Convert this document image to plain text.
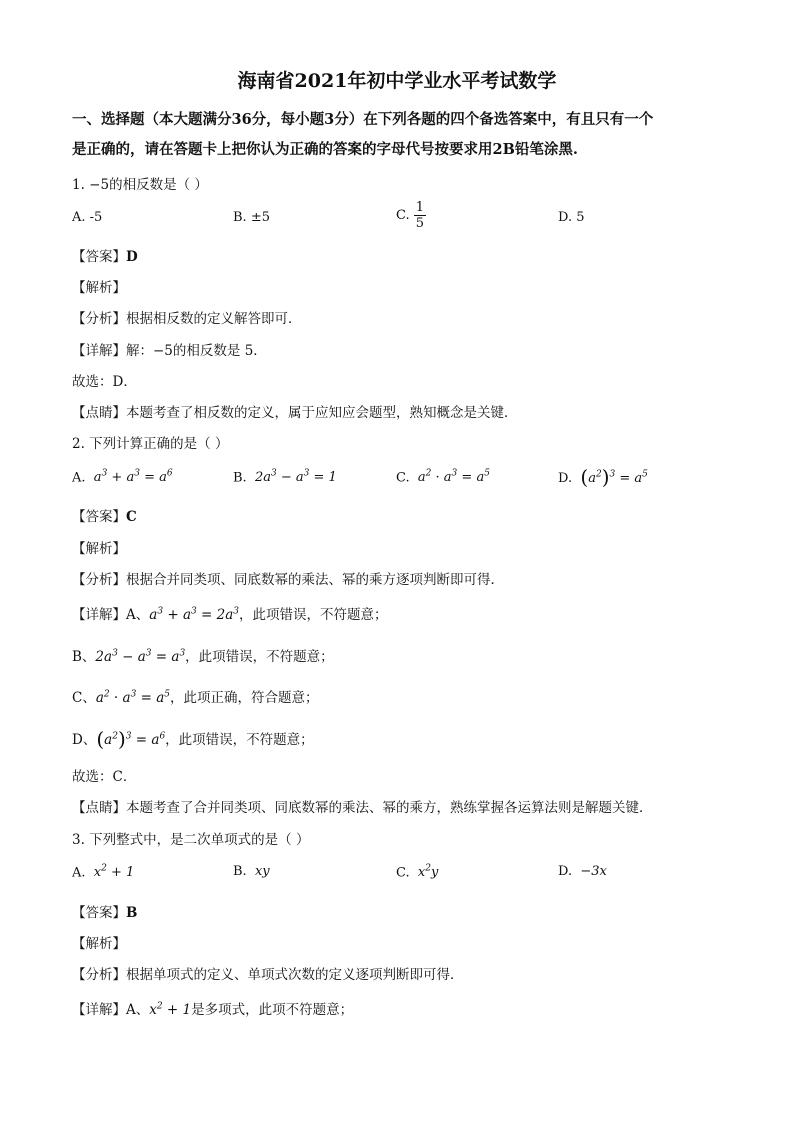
海南省2021年初中学业水平考试数学
一、选择题（本大题满分36分，每小题3分）在下列各题的四个备选答案中，有且只有一个
是正确的，请在答题卡上把你认为正确的答案的字母代号按要求用2B铅笔涂黑.
1. −5的相反数是（ ）
A. -5	B. ±5	C. $\frac{1}{5}$	D. 5
【答案】D
【解析】
【分析】根据相反数的定义解答即可．
【详解】解：−5的相反数是 5．
故选：D．
【点睛】本题考查了相反数的定义，属于应知应会题型，熟知概念是关键．
2. 下列计算正确的是（ ）
A.  $a^3 + a^3 = a^6$	B.  $2a^3 - a^3 = 1$	C.  $a^2 \cdot a^3 = a^5$	D. $(a^2)^3 = a^5$
【答案】C
【解析】
【分析】根据合并同类项、同底数幂的乘法、幂的乘方逐项判断即可得．
【详解】A、$a^3 + a^3 = 2a^3$，此项错误，不符题意；
B、$2a^3 - a^3 = a^3$，此项错误，不符题意；
C、$a^2 \cdot a^3 = a^5$，此项正确，符合题意；
D、$(a^2)^3 = a^6$，此项错误，不符题意；
故选：C．
【点睛】本题考查了合并同类项、同底数幂的乘法、幂的乘方，熟练掌握各运算法则是解题关键．
3. 下列整式中，是二次单项式的是（ ）
A.  $x^2 + 1$	B.  xy	C.  $x^2y$	D.  −3x
【答案】B
【解析】
【分析】根据单项式的定义、单项式次数的定义逐项判断即可得．
【详解】A、$x^2 + 1$是多项式，此项不符题意；
